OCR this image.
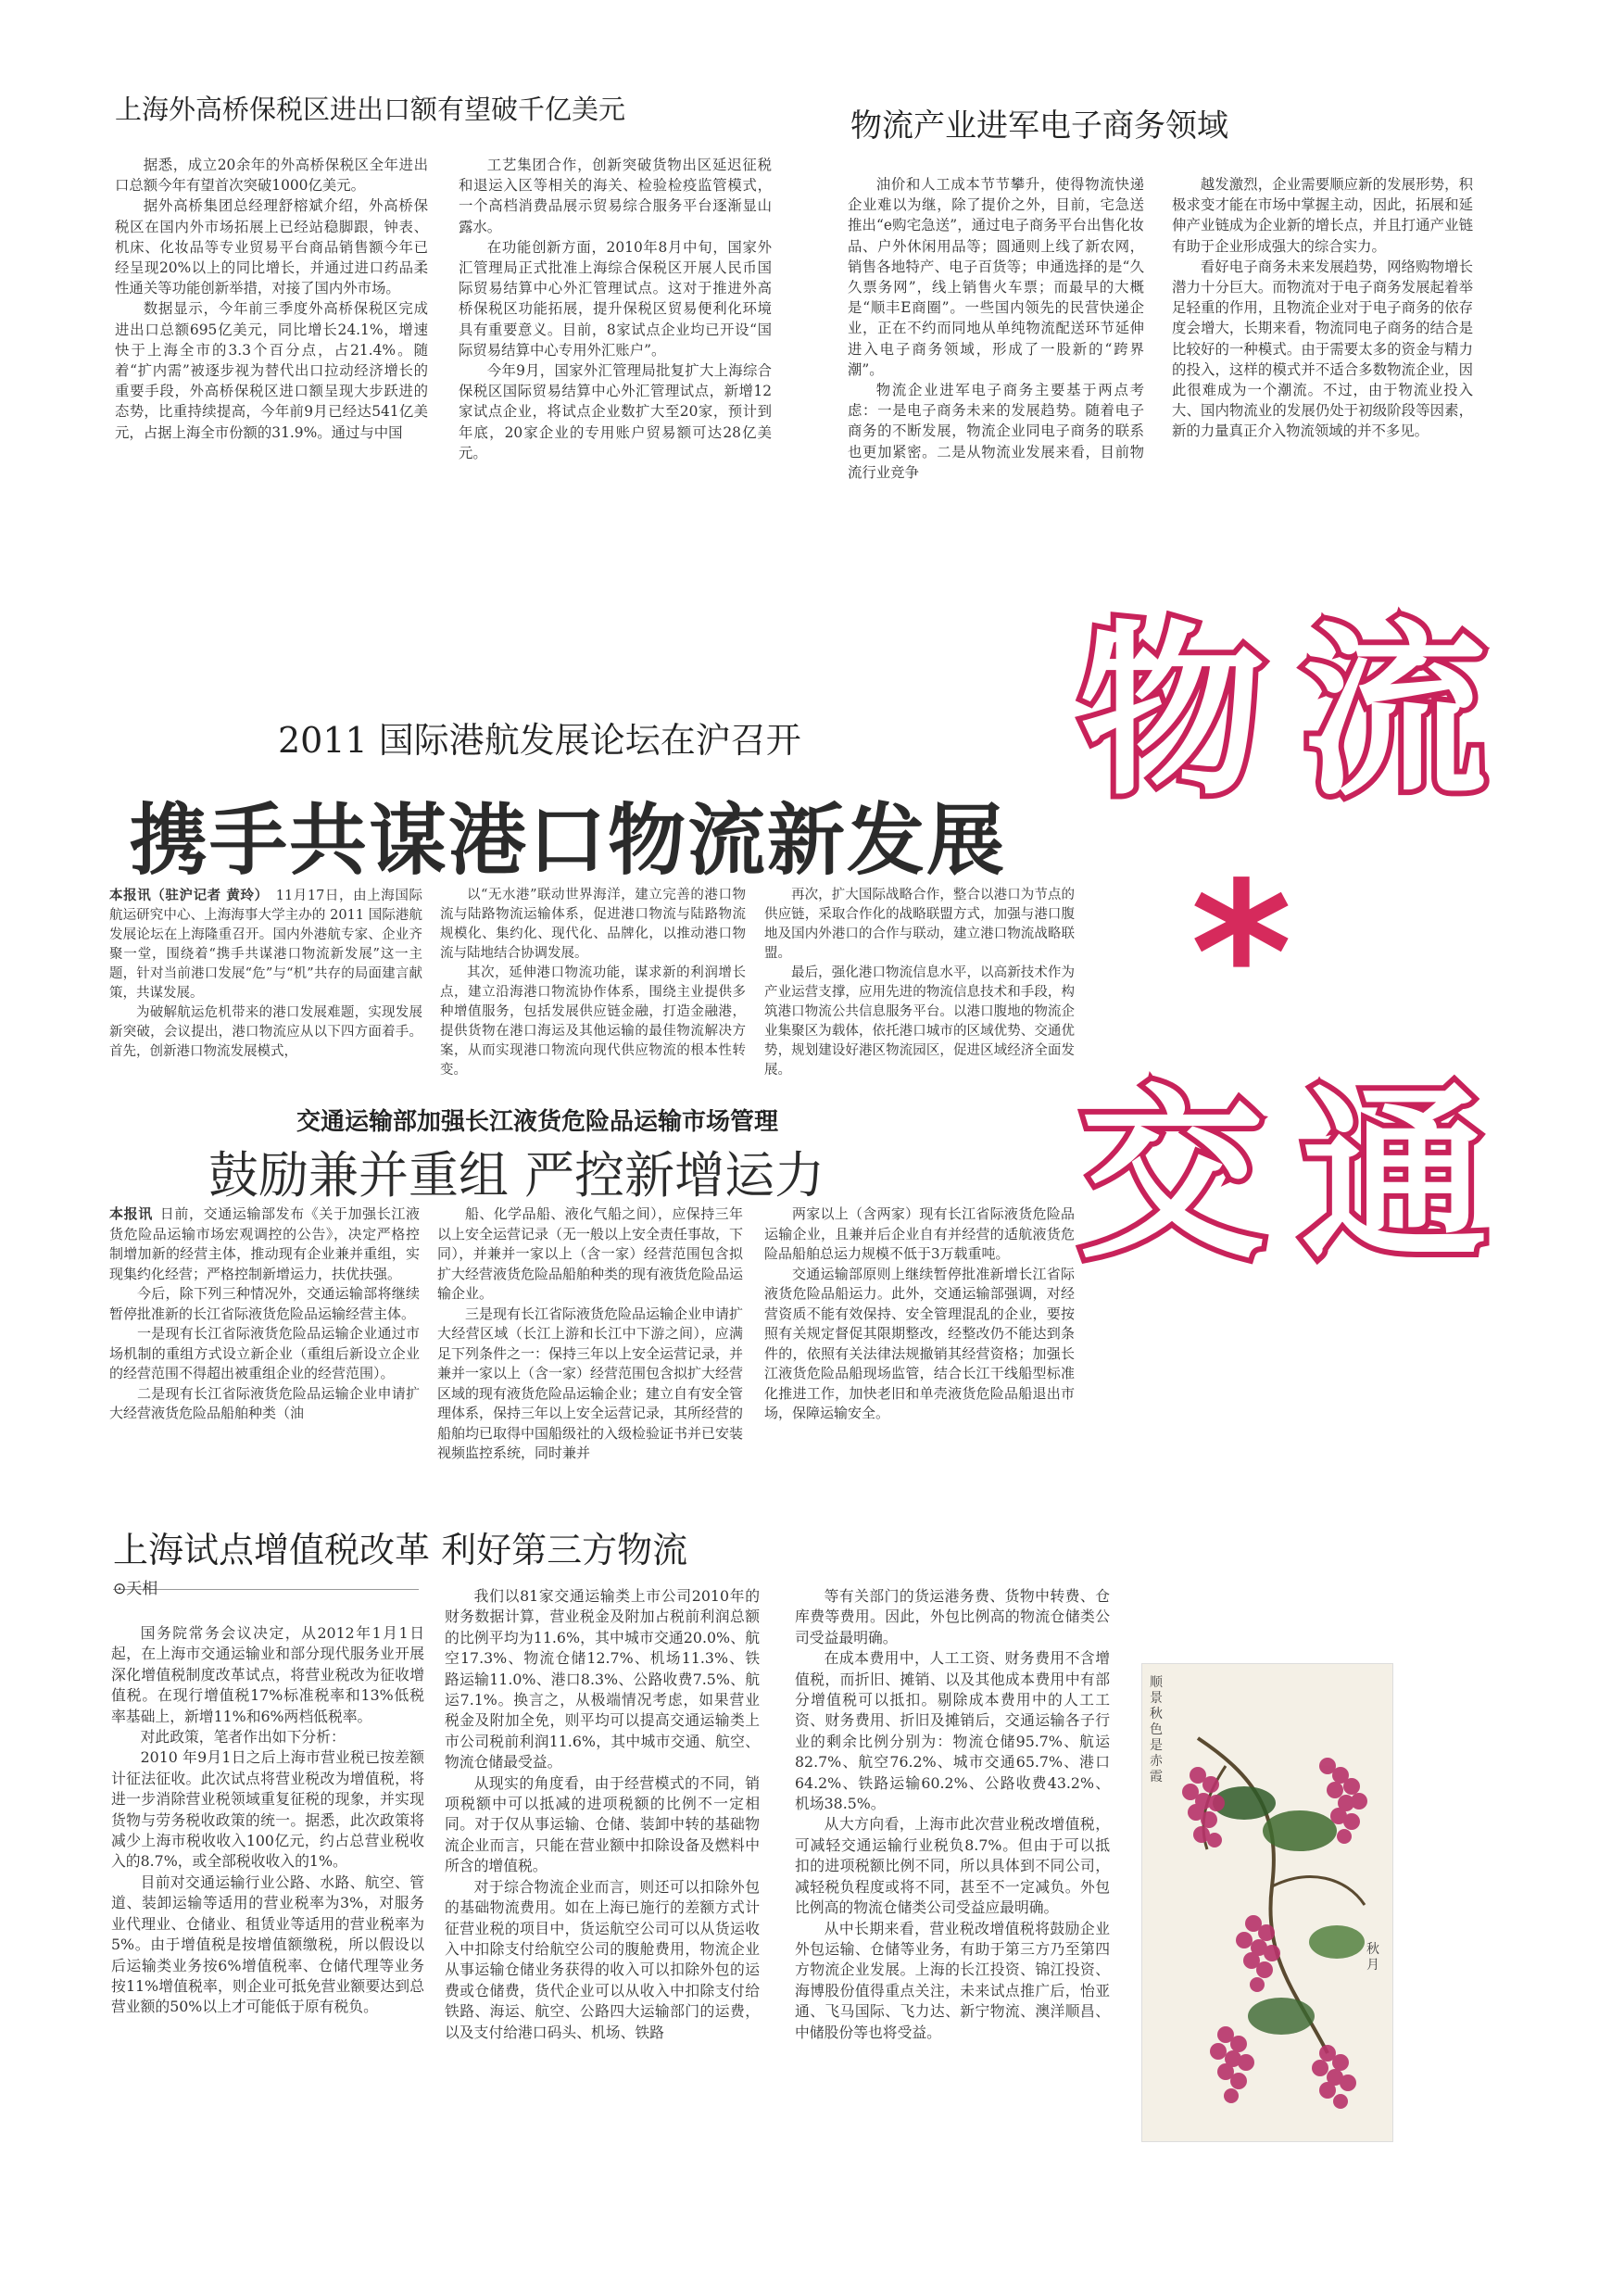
上海外高桥保税区进出口额有望破千亿美元

据悉，成立20余年的外高桥保税区全年进出口总额今年有望首次突破1000亿美元。

据外高桥集团总经理舒榕斌介绍，外高桥保税区在国内外市场拓展上已经站稳脚跟，钟表、机床、化妆品等专业贸易平台商品销售额今年已经呈现20%以上的同比增长，并通过进口药品柔性通关等功能创新举措，对接了国内外市场。

数据显示，今年前三季度外高桥保税区完成进出口总额695亿美元，同比增长24.1%，增速快于上海全市的3.3个百分点，占21.4%。随着“扩内需”被逐步视为替代出口拉动经济增长的重要手段，外高桥保税区进口额呈现大步跃进的态势，比重持续提高，今年前9月已经达541亿美元，占据上海全市份额的31.9%。通过与中国

工艺集团合作，创新突破货物出区延迟征税和退运入区等相关的海关、检验检疫监管模式，一个高档消费品展示贸易综合服务平台逐渐显山露水。

在功能创新方面，2010年8月中旬，国家外汇管理局正式批准上海综合保税区开展人民币国际贸易结算中心外汇管理试点。这对于推进外高桥保税区功能拓展，提升保税区贸易便利化环境具有重要意义。目前，8家试点企业均已开设“国际贸易结算中心专用外汇账户”。

今年9月，国家外汇管理局批复扩大上海综合保税区国际贸易结算中心外汇管理试点，新增12家试点企业，将试点企业数扩大至20家，预计到年底，20家企业的专用账户贸易额可达28亿美元。

物流产业进军电子商务领域

油价和人工成本节节攀升，使得物流快递企业难以为继，除了提价之外，目前，宅急送推出“e购宅急送”，通过电子商务平台出售化妆品、户外休闲用品等；圆通则上线了新农网，销售各地特产、电子百货等；申通选择的是“久久票务网”，线上销售火车票；而最早的大概是“顺丰E商圈”。一些国内领先的民营快递企业，正在不约而同地从单纯物流配送环节延伸进入电子商务领域，形成了一股新的“跨界潮”。

物流企业进军电子商务主要基于两点考虑：一是电子商务未来的发展趋势。随着电子商务的不断发展，物流企业同电子商务的联系也更加紧密。二是从物流业发展来看，目前物流行业竞争

越发激烈，企业需要顺应新的发展形势，积极求变才能在市场中掌握主动，因此，拓展和延伸产业链成为企业新的增长点，并且打通产业链有助于企业形成强大的综合实力。

看好电子商务未来发展趋势，网络购物增长潜力十分巨大。而物流对于电子商务发展起着举足轻重的作用，且物流企业对于电子商务的依存度会增大，长期来看，物流同电子商务的结合是比较好的一种模式。由于需要太多的资金与精力的投入，这样的模式并不适合多数物流企业，因此很难成为一个潮流。不过，由于物流业投入大、国内物流业的发展仍处于初级阶段等因素，新的力量真正介入物流领域的并不多见。

物 流
*
交 通
2011 国际港航发展论坛在沪召开
携手共谋港口物流新发展

本报讯（驻沪记者 黄玲） 11月17日，由上海国际航运研究中心、上海海事大学主办的 2011 国际港航发展论坛在上海隆重召开。国内外港航专家、企业齐聚一堂，围绕着“携手共谋港口物流新发展”这一主题，针对当前港口发展“危”与“机”共存的局面建言献策，共谋发展。

为破解航运危机带来的港口发展难题，实现发展新突破，会议提出，港口物流应从以下四方面着手。首先，创新港口物流发展模式，

以“无水港”联动世界海洋，建立完善的港口物流与陆路物流运输体系，促进港口物流与陆路物流规模化、集约化、现代化、品牌化，以推动港口物流与陆地结合协调发展。

其次，延伸港口物流功能，谋求新的利润增长点，建立沿海港口物流协作体系，围绕主业提供多种增值服务，包括发展供应链金融，打造金融港，提供货物在港口海运及其他运输的最佳物流解决方案，从而实现港口物流向现代供应物流的根本性转变。

再次，扩大国际战略合作，整合以港口为节点的供应链，采取合作化的战略联盟方式，加强与港口腹地及国内外港口的合作与联动，建立港口物流战略联盟。

最后，强化港口物流信息水平，以高新技术作为产业运营支撑，应用先进的物流信息技术和手段，构筑港口物流公共信息服务平台。以港口腹地的物流企业集聚区为载体，依托港口城市的区域优势、交通优势，规划建设好港区物流园区，促进区域经济全面发展。

交通运输部加强长江液货危险品运输市场管理
鼓励兼并重组 严控新增运力

本报讯 日前，交通运输部发布《关于加强长江液货危险品运输市场宏观调控的公告》，决定严格控制增加新的经营主体，推动现有企业兼并重组，实现集约化经营；严格控制新增运力，扶优扶强。

今后，除下列三种情况外，交通运输部将继续暂停批准新的长江省际液货危险品运输经营主体。

一是现有长江省际液货危险品运输企业通过市场机制的重组方式设立新企业（重组后新设立企业的经营范围不得超出被重组企业的经营范围）。

二是现有长江省际液货危险品运输企业申请扩大经营液货危险品船舶种类（油

船、化学品船、液化气船之间），应保持三年以上安全运营记录（无一般以上安全责任事故，下同），并兼并一家以上（含一家）经营范围包含拟扩大经营液货危险品船舶种类的现有液货危险品运输企业。

三是现有长江省际液货危险品运输企业申请扩大经营区域（长江上游和长江中下游之间），应满足下列条件之一：保持三年以上安全运营记录，并兼并一家以上（含一家）经营范围包含拟扩大经营区域的现有液货危险品运输企业；建立自有安全管理体系，保持三年以上安全运营记录，其所经营的船舶均已取得中国船级社的入级检验证书并已安装视频监控系统，同时兼并

两家以上（含两家）现有长江省际液货危险品运输企业，且兼并后企业自有并经营的适航液货危险品船舶总运力规模不低于3万载重吨。

交通运输部原则上继续暂停批准新增长江省际液货危险品船运力。此外，交通运输部强调，对经营资质不能有效保持、安全管理混乱的企业，要按照有关规定督促其限期整改，经整改仍不能达到条件的，依照有关法律法规撤销其经营资格；加强长江液货危险品船现场监管，结合长江干线船型标准化推进工作，加快老旧和单壳液货危险品船退出市场，保障运输安全。

上海试点增值税改革 利好第三方物流
⊙天相

国务院常务会议决定，从2012年1月1日起，在上海市交通运输业和部分现代服务业开展深化增值税制度改革试点，将营业税改为征收增值税。在现行增值税17%标准税率和13%低税率基础上，新增11%和6%两档低税率。

对此政策，笔者作出如下分析：

2010 年9月1日之后上海市营业税已按差额计征法征收。此次试点将营业税改为增值税，将进一步消除营业税领域重复征税的现象，并实现货物与劳务税收政策的统一。据悉，此次政策将减少上海市税收收入100亿元，约占总营业税收入的8.7%，或全部税收收入的1%。

目前对交通运输行业公路、水路、航空、管道、装卸运输等适用的营业税率为3%，对服务业代理业、仓储业、租赁业等适用的营业税率为5%。由于增值税是按增值额缴税，所以假设以后运输类业务按6%增值税率、仓储代理等业务按11%增值税率，则企业可抵免营业额要达到总营业额的50%以上才可能低于原有税负。

我们以81家交通运输类上市公司2010年的财务数据计算，营业税金及附加占税前利润总额的比例平均为11.6%，其中城市交通20.0%、航空17.3%、物流仓储12.7%、机场11.3%、铁路运输11.0%、港口8.3%、公路收费7.5%、航运7.1%。换言之，从极端情况考虑，如果营业税金及附加全免，则平均可以提高交通运输类上市公司税前利润11.6%，其中城市交通、航空、物流仓储最受益。

从现实的角度看，由于经营模式的不同，销项税额中可以抵减的进项税额的比例不一定相同。对于仅从事运输、仓储、装卸中转的基础物流企业而言，只能在营业额中扣除设备及燃料中所含的增值税。

对于综合物流企业而言，则还可以扣除外包的基础物流费用。如在上海已施行的差额方式计征营业税的项目中，货运航空公司可以从货运收入中扣除支付给航空公司的腹舱费用，物流企业从事运输仓储业务获得的收入可以扣除外包的运费或仓储费，货代企业可以从收入中扣除支付给铁路、海运、航空、公路四大运输部门的运费，以及支付给港口码头、机场、铁路

等有关部门的货运港务费、货物中转费、仓库费等费用。因此，外包比例高的物流仓储类公司受益最明确。

在成本费用中，人工工资、财务费用不含增值税，而折旧、摊销、以及其他成本费用中有部分增值税可以抵扣。剔除成本费用中的人工工资、财务费用、折旧及摊销后，交通运输各子行业的剩余比例分别为：物流仓储95.7%、航运82.7%、航空76.2%、城市交通65.7%、港口64.2%、铁路运输60.2%、公路收费43.2%、机场38.5%。

从大方向看，上海市此次营业税改增值税，可减轻交通运输行业税负8.7%。但由于可以抵扣的进项税额比例不同，所以具体到不同公司，减轻税负程度或将不同，甚至不一定减负。外包比例高的物流仓储类公司受益应最明确。

从中长期来看，营业税改增值税将鼓励企业外包运输、仓储等业务，有助于第三方乃至第四方物流企业发展。上海的长江投资、锦江投资、海博股份值得重点关注，未来试点推广后，怡亚通、飞马国际、飞力达、新宁物流、澳洋顺昌、中储股份等也将受益。

顺景秋色是赤霞
秋月
